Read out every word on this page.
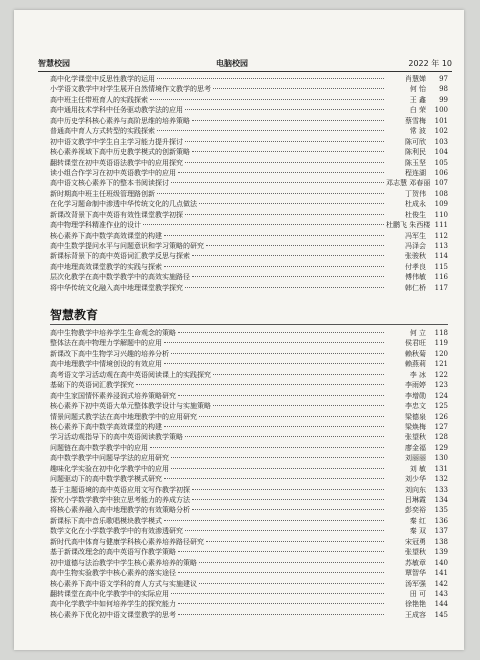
智慧校园	电脑校园	2022 年 10
高中化学课堂中反思性教学的运用	肖慧婵	97
小学语文教学中对学生展开自然情境作文教学的思考	何 怡	98
高中班主任带班育人的实践探索	王 鑫	99
高中通用技术学科中任务驱动教学法的应用	白 荣	100
高中历史学科核心素养与高阶思维的培养策略	蔡雪梅	101
普通高中育人方式转型的实践探索	常 波	102
初中语文教学中学生自主学习能力提升探讨	陈可欣	103
核心素养视域下高中历史教学模式的创新策略	陈利民	104
翻转课堂在初中英语语法教学中的应用探究	陈玉坚	105
读小组合作学习在初中英语教学中的应用	程连湖	106
高中语文核心素养下的整本书阅读探讨	邓志慧 邓春丽 107
新时期高中班主任班级管理路创新	丁贺伟	108
在化学习题命制中渗透中华传统文化的几点做法	杜成永	109
新课改背景下高中英语有效性课堂教学初探	杜俊生	110
高中物理学科精准作业的设计	杜鹏飞 朱西楼 111
核心素养下高中数学高效课堂的构建	冯军生	112
高中生数学提问水平与问题意识和学习策略的研究	冯泽会	113
新课标背景下的高中英语词汇教学反思与探索	张骏秋	114
高中地理高效课堂教学的实践与探索	付孝良	115
层次化教学在高中数学教学中的高效实施路径	傅伟敏	116
将中华传统文化融入高中地理课堂教学探究	韩仁桥	117
智慧教育
高中生物教学中培养学生生命观念的策略	何 立	118
整体法在高中物理力学解题中的应用	侯君旺	119
新课改下高中生物学习兴趣的培养分析	赖秋菊	120
高中地理教学中情境创设的有效应用	赖燕莉	121
高考语文学习活动观在高中英语阅读课上的实践探究	李 冰	122
基础下的英语词汇教学探究	李雨婷	123
高中生家国情怀素养浸润式培养策略研究	李增勋	124
核心素养下初中英语大单元整体教学设计与实施策略	李忠文	125
情景问题式教学法在高中地理教学中的应用研究	梁德泉	126
核心素养下高中数学高效课堂的构建	梁焕梅	127
学习活动观指导下的高中英语阅读教学策略	张望秋	128
问题链在高中数学教学中的应用	廖金福	129
高中数学教学中问题导学法的应用研究	刘丽丽	130
趣味化学实验在初中化学教学中的应用	刘 敏	131
问题驱动下的高中数学教学模式研究	刘少华	132
基于主题语境的高中英语应用文写作教学初探	刘向东	133
探究小学数学教学中独立思考能力的养成方法	吕琳霞	134
将核心素养融入高中地理教学的有效策略分析	彭奕裕	135
新课标下高中音乐歌唱模块教学模式	秦 红	136
数学文化在小学数学教学中的有效渗透研究	秦 双	137
新时代高中体育与健康学科核心素养培养路径研究	宋冠勇	138
基于新课改理念的高中英语写作教学策略	张望秋	139
初中道德与法治教学中学生核心素养培养的策略	苏敏章	140
高中生物实验教学中核心素养的落实途径	覃智华	141
核心素养下高中语文学科的育人方式与实施建议	汤军强	142
翻转课堂在高中化学教学中的实际应用	田 可	143
高中化学教学中如何培养学生的探究能力	徐艳艳	144
核心素养下优化初中语文课堂教学的思考	王成容	145
